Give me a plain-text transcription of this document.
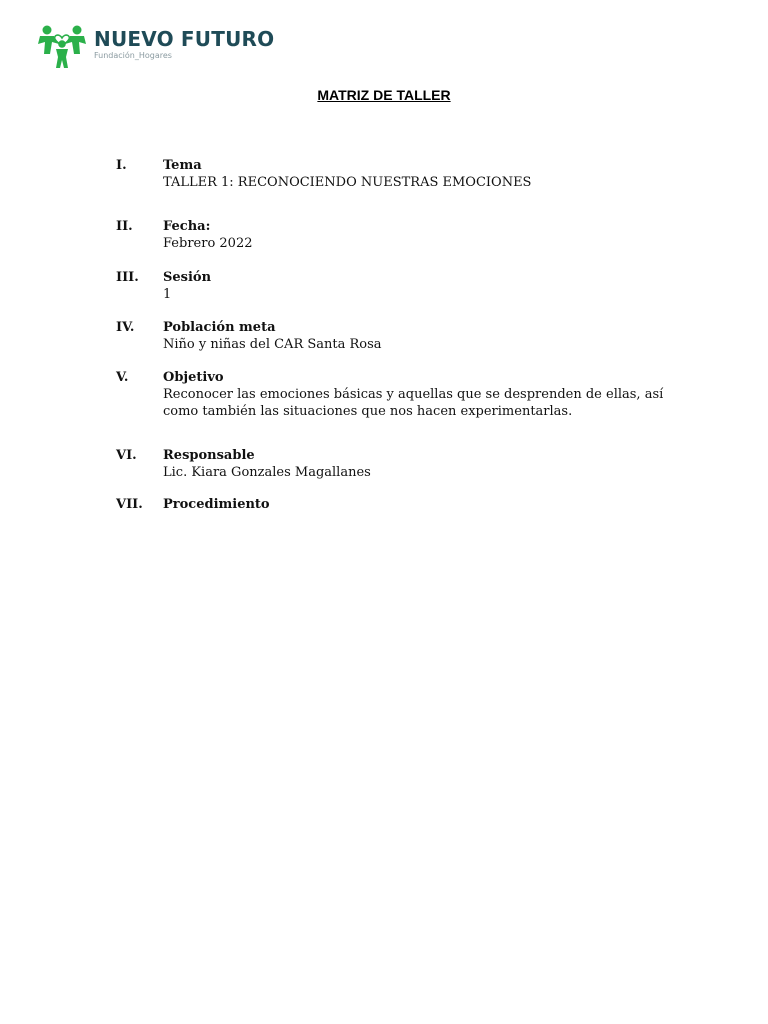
NUEVO FUTURO
Fundación_Hogares
MATRIZ DE TALLER
I.	Tema
TALLER 1: RECONOCIENDO NUESTRAS EMOCIONES
II.	Fecha:
Febrero 2022
III.	Sesión
1
IV.	Población meta
Niño y niñas del CAR Santa Rosa
V.	Objetivo
Reconocer las emociones básicas y aquellas que se desprenden de ellas, así como también las situaciones que nos hacen experimentarlas.
VI.	Responsable
Lic. Kiara Gonzales Magallanes
VII.	Procedimiento
